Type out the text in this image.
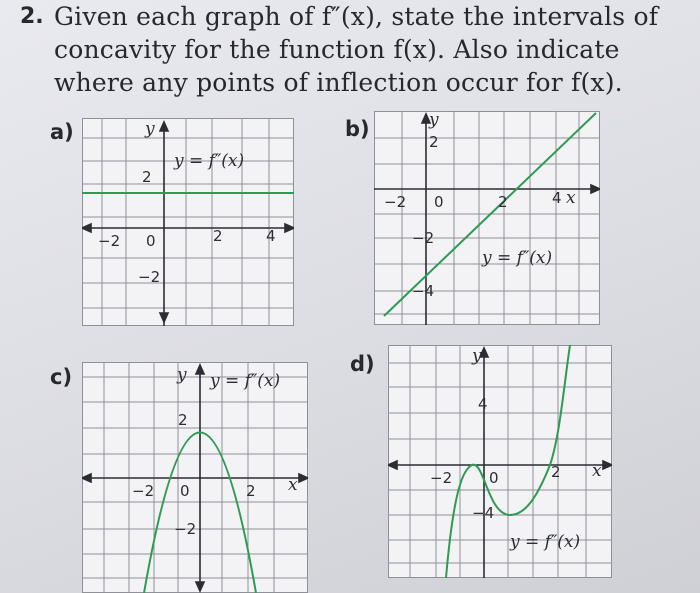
2. Given each graph of f″(x), state the intervals of
concavity for the function f(x). Also indicate
where any points of inflection occur for f(x).
a)	b)
c)
d)
y
y = f″(x)
2
−2
−2 0	2	4
y
2
−2
−4
−2 0	2	4 x
y = f″(x)
y y = f″(x)
2
−2
−2 0	2 x
y
4
−4
−2 0	2 x
y = f″(x)
